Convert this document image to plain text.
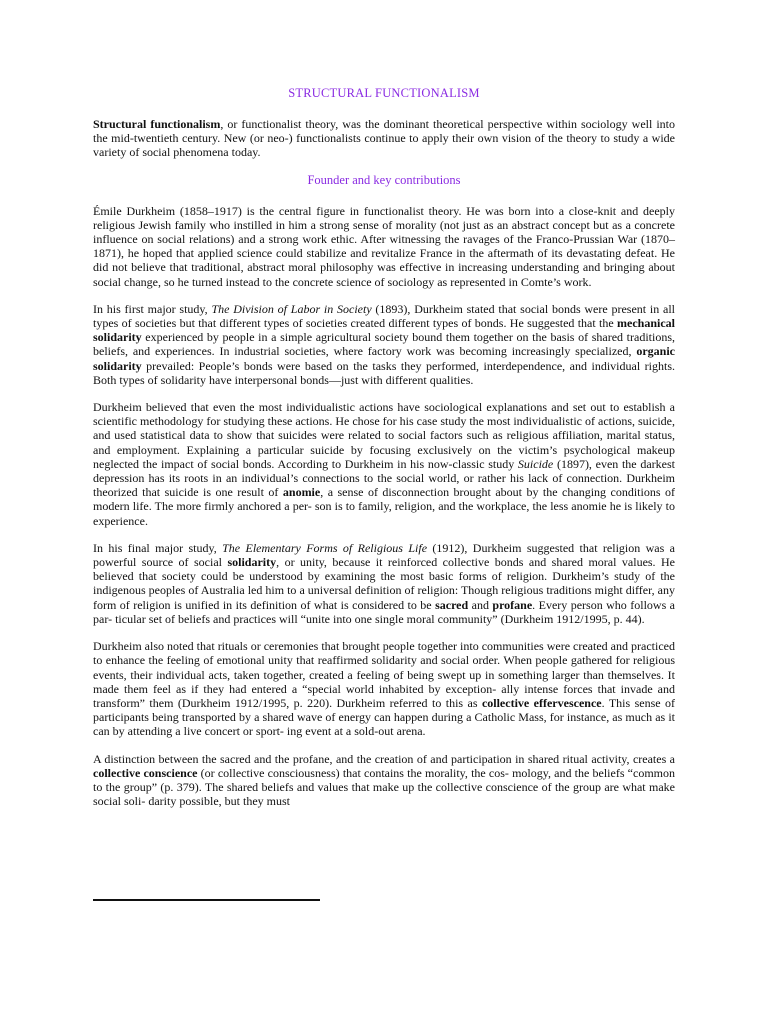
STRUCTURAL FUNCTIONALISM

Structural functionalism, or functionalist theory, was the dominant theoretical perspective within sociology well into the mid-twentieth century. New (or neo-) functionalists continue to apply their own vision of the theory to study a wide variety of social phenomena today.

Founder and key contributions

Émile Durkheim (1858–1917) is the central figure in functionalist theory. He was born into a close-knit and deeply religious Jewish family who instilled in him a strong sense of morality (not just as an abstract concept but as a concrete influence on social relations) and a strong work ethic. After witnessing the ravages of the Franco-Prussian War (1870–1871), he hoped that applied science could stabilize and revitalize France in the aftermath of its devastating defeat. He did not believe that traditional, abstract moral philosophy was effective in increasing understanding and bringing about social change, so he turned instead to the concrete science of sociology as represented in Comte’s work.

In his first major study, The Division of Labor in Society (1893), Durkheim stated that social bonds were present in all types of societies but that different types of societies created different types of bonds. He suggested that the mechanical solidarity experienced by people in a simple agricultural society bound them together on the basis of shared traditions, beliefs, and experiences. In industrial societies, where factory work was becoming increasingly specialized, organic solidarity prevailed: People’s bonds were based on the tasks they performed, interdependence, and individual rights. Both types of solidarity have interpersonal bonds—just with different qualities.

Durkheim believed that even the most individualistic actions have sociological explanations and set out to establish a scientific methodology for studying these actions. He chose for his case study the most individualistic of actions, suicide, and used statistical data to show that suicides were related to social factors such as religious affiliation, marital status, and employment. Explaining a particular suicide by focusing exclusively on the victim’s psychological makeup neglected the impact of social bonds. According to Durkheim in his now-classic study Suicide (1897), even the darkest depression has its roots in an individual’s connections to the social world, or rather his lack of connection. Durkheim theorized that suicide is one result of anomie, a sense of disconnection brought about by the changing conditions of modern life. The more firmly anchored a per- son is to family, religion, and the workplace, the less anomie he is likely to experience.

In his final major study, The Elementary Forms of Religious Life (1912), Durkheim suggested that religion was a powerful source of social solidarity, or unity, because it reinforced collective bonds and shared moral values. He believed that society could be understood by examining the most basic forms of religion. Durkheim’s study of the indigenous peoples of Australia led him to a universal definition of religion: Though religious traditions might differ, any form of religion is unified in its definition of what is considered to be sacred and profane. Every person who follows a par- ticular set of beliefs and practices will “unite into one single moral community” (Durkheim 1912/1995, p. 44).

Durkheim also noted that rituals or ceremonies that brought people together into communities were created and practiced to enhance the feeling of emotional unity that reaffirmed solidarity and social order. When people gathered for religious events, their individual acts, taken together, created a feeling of being swept up in something larger than themselves. It made them feel as if they had entered a “special world inhabited by exception- ally intense forces that invade and transform” them (Durkheim 1912/1995, p. 220). Durkheim referred to this as collective effervescence. This sense of participants being transported by a shared wave of energy can happen during a Catholic Mass, for instance, as much as it can by attending a live concert or sport- ing event at a sold-out arena.

A distinction between the sacred and the profane, and the creation of and participation in shared ritual activity, creates a collective conscience (or collective consciousness) that contains the morality, the cos- mology, and the beliefs “common to the group” (p. 379). The shared beliefs and values that make up the collective conscience of the group are what make social soli- darity possible, but they must
